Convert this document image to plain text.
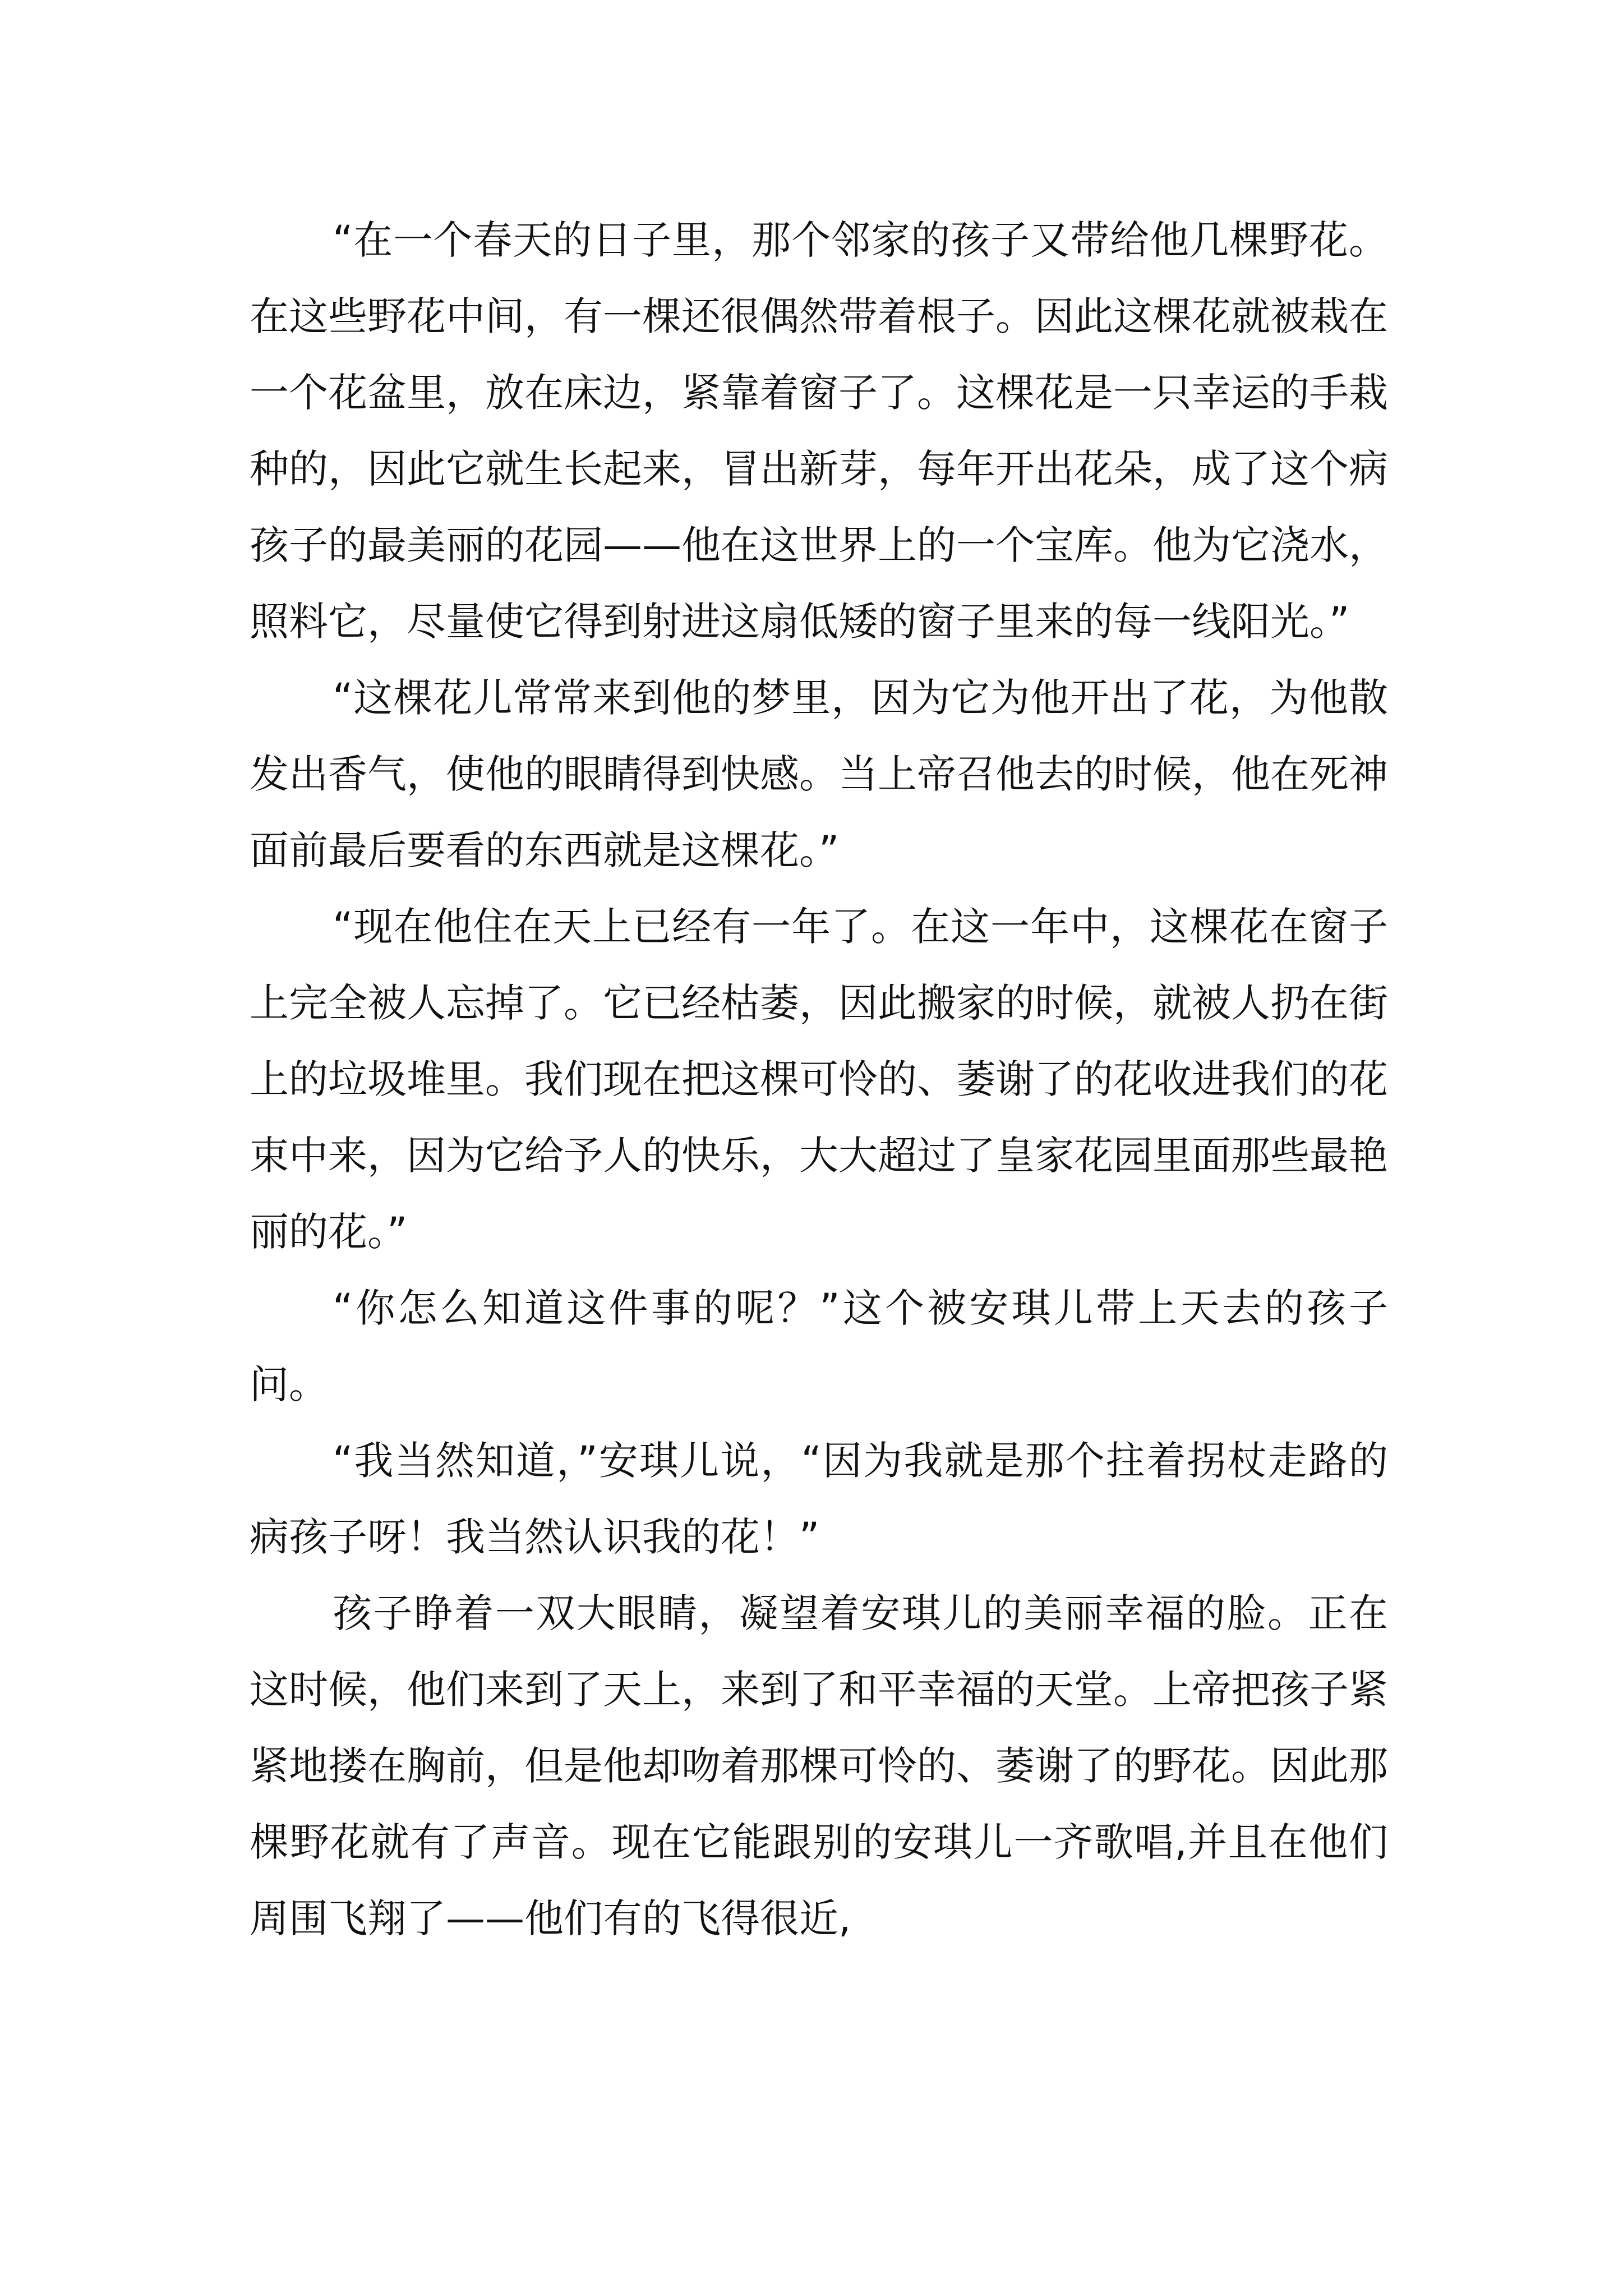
“在一个春天的日子里，那个邻家的孩子又带给他几棵野花。在这些野花中间，有一棵还很偶然带着根子。因此这棵花就被栽在一个花盆里，放在床边，紧靠着窗子了。这棵花是一只幸运的手栽种的，因此它就生长起来，冒出新芽，每年开出花朵，成了这个病孩子的最美丽的花园——他在这世界上的一个宝库。他为它浇水，照料它，尽量使它得到射进这扇低矮的窗子里来的每一线阳光。”

“这棵花儿常常来到他的梦里，因为它为他开出了花，为他散发出香气，使他的眼睛得到快感。当上帝召他去的时候，他在死神面前最后要看的东西就是这棵花。”

“现在他住在天上已经有一年了。在这一年中，这棵花在窗子上完全被人忘掉了。它已经枯萎，因此搬家的时候，就被人扔在街上的垃圾堆里。我们现在把这棵可怜的、萎谢了的花收进我们的花束中来，因为它给予人的快乐，大大超过了皇家花园里面那些最艳丽的花。”

“你怎么知道这件事的呢？”这个被安琪儿带上天去的孩子问。

“我当然知道，”安琪儿说，“因为我就是那个拄着拐杖走路的病孩子呀！我当然认识我的花！”

孩子睁着一双大眼睛，凝望着安琪儿的美丽幸福的脸。正在这时候，他们来到了天上，来到了和平幸福的天堂。上帝把孩子紧紧地搂在胸前，但是他却吻着那棵可怜的、萎谢了的野花。因此那棵野花就有了声音。现在它能跟别的安琪儿一齐歌唱,并且在他们周围飞翔了——他们有的飞得很近,
